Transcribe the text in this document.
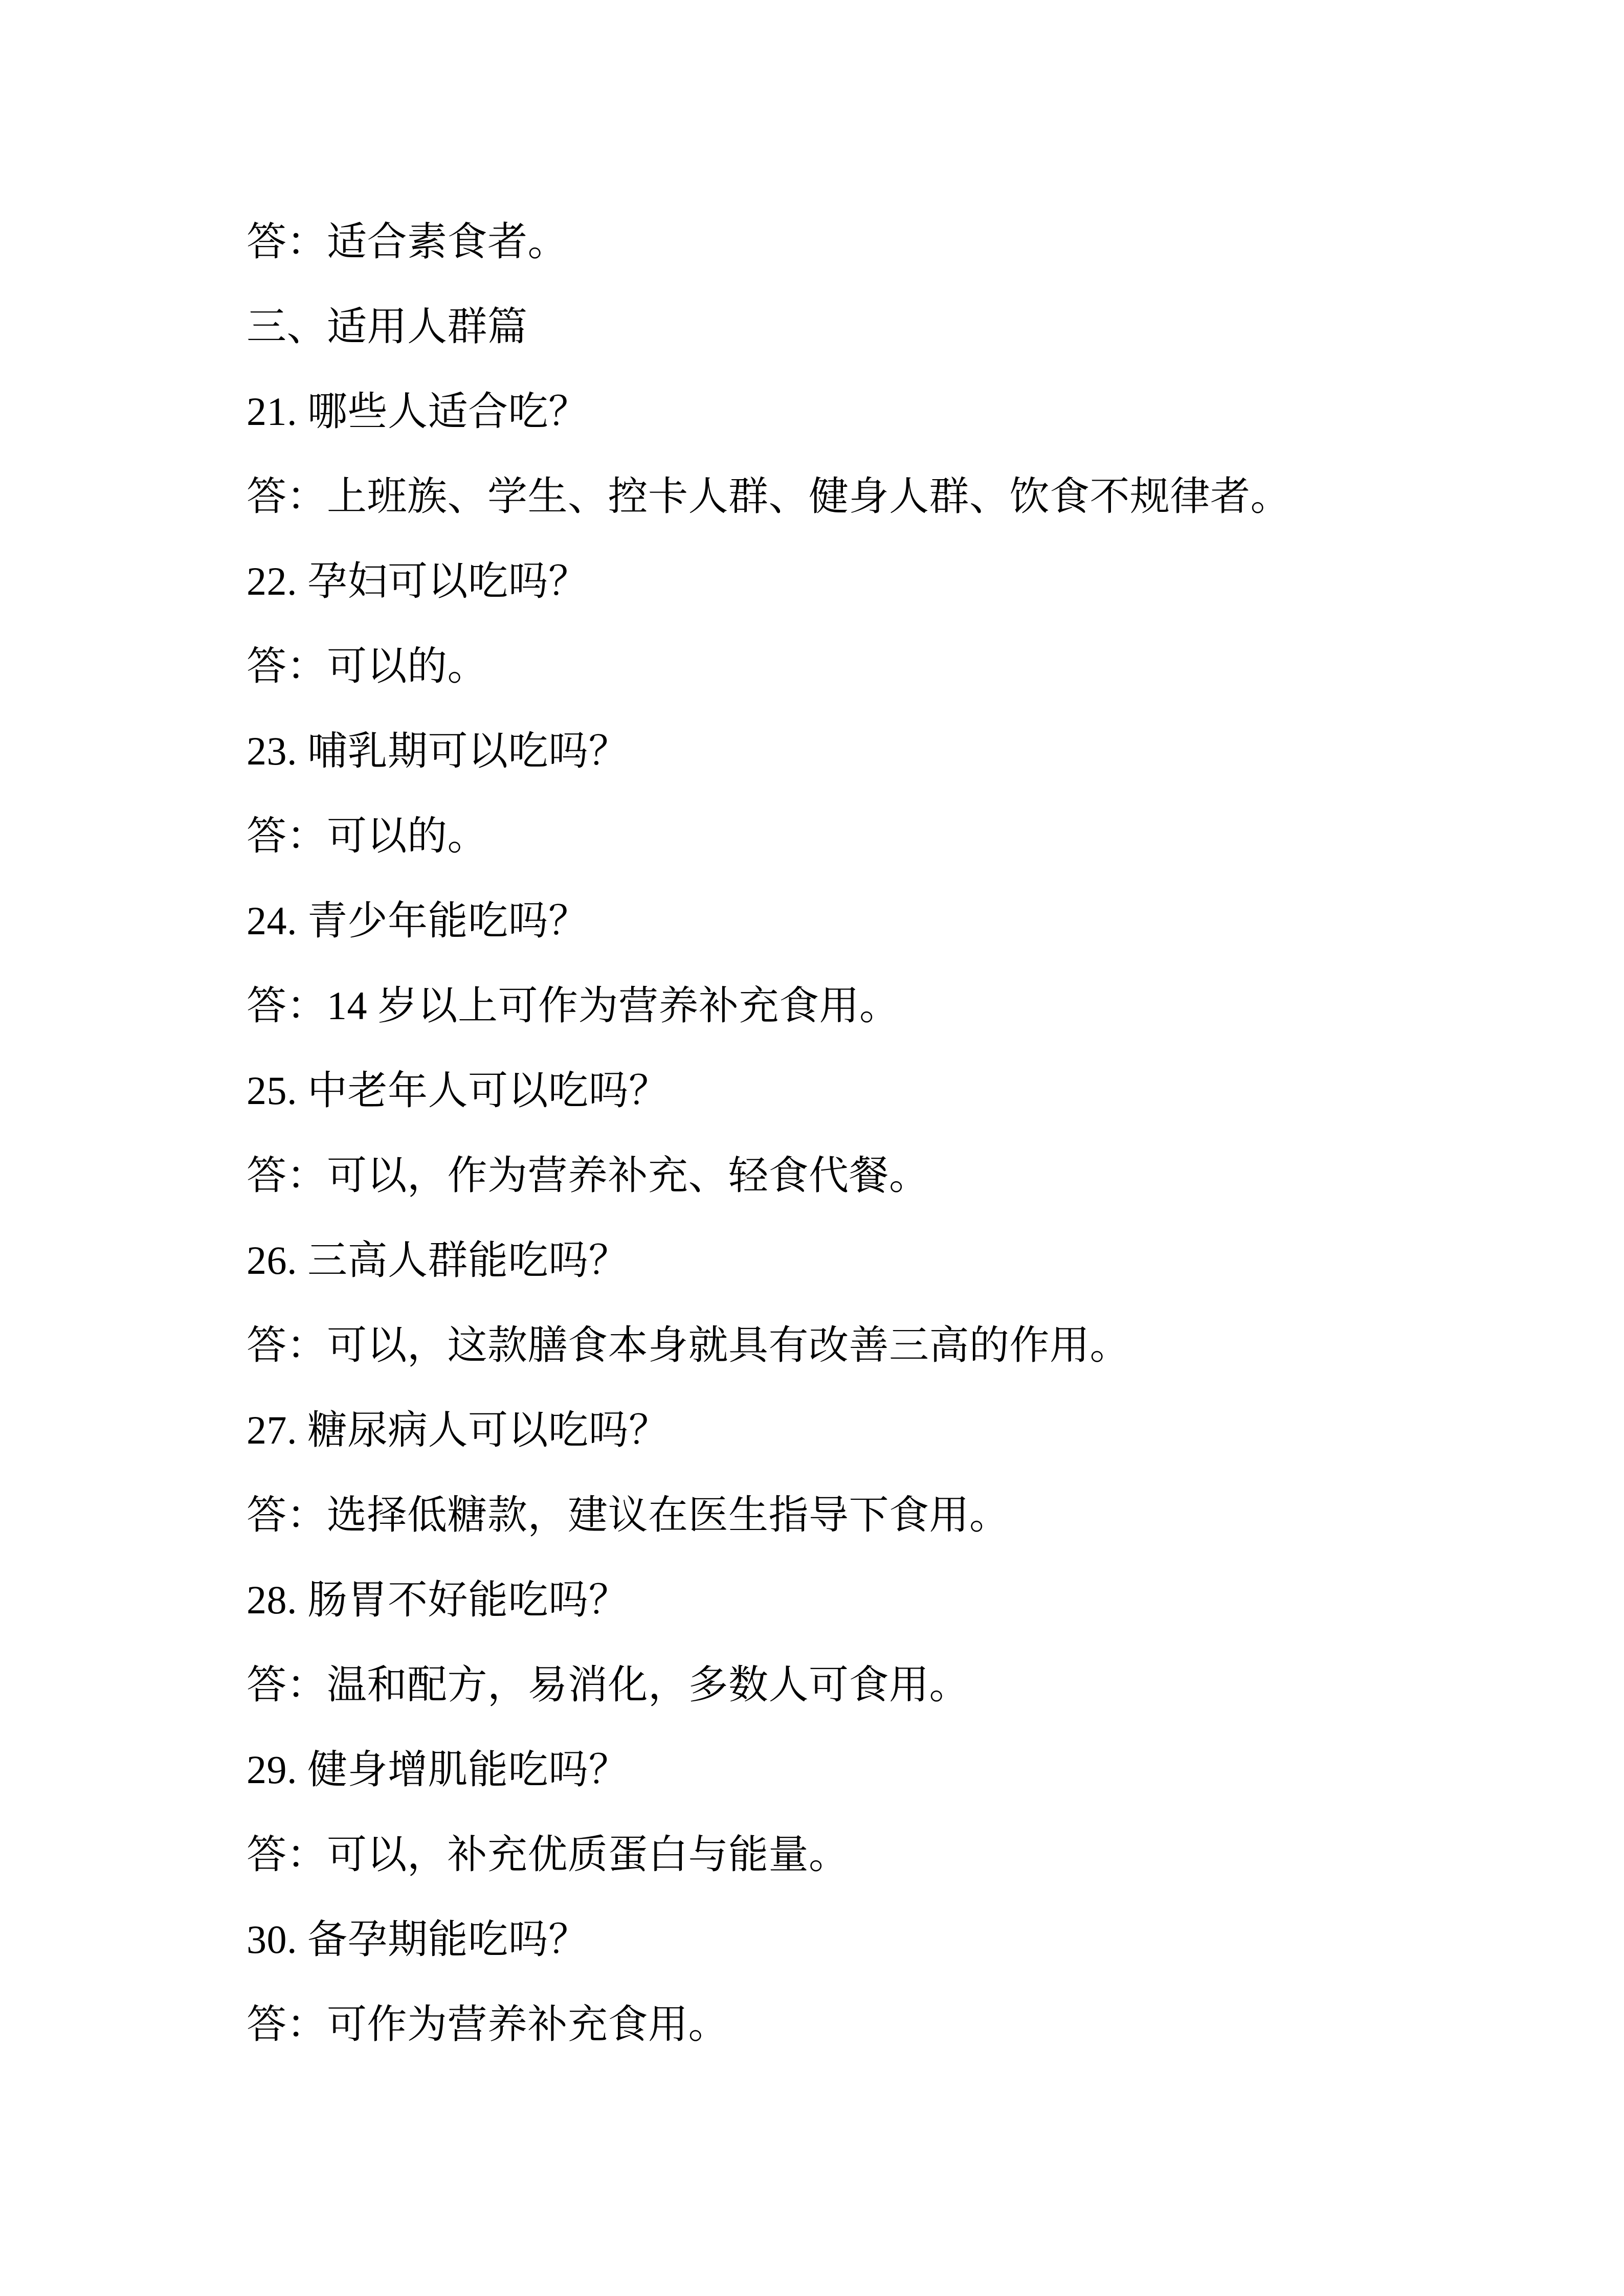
答：适合素食者。

三、适用人群篇

21. 哪些人适合吃？

答：上班族、学生、控卡人群、健身人群、饮食不规律者。

22. 孕妇可以吃吗？

答：可以的。

23. 哺乳期可以吃吗？

答：可以的。

24. 青少年能吃吗？

答：14 岁以上可作为营养补充食用。

25. 中老年人可以吃吗？

答：可以，作为营养补充、轻食代餐。

26. 三高人群能吃吗？

答：可以，这款膳食本身就具有改善三高的作用。

27. 糖尿病人可以吃吗？

答：选择低糖款，建议在医生指导下食用。

28. 肠胃不好能吃吗？

答：温和配方，易消化，多数人可食用。

29. 健身增肌能吃吗？

答：可以，补充优质蛋白与能量。

30. 备孕期能吃吗？

答：可作为营养补充食用。
